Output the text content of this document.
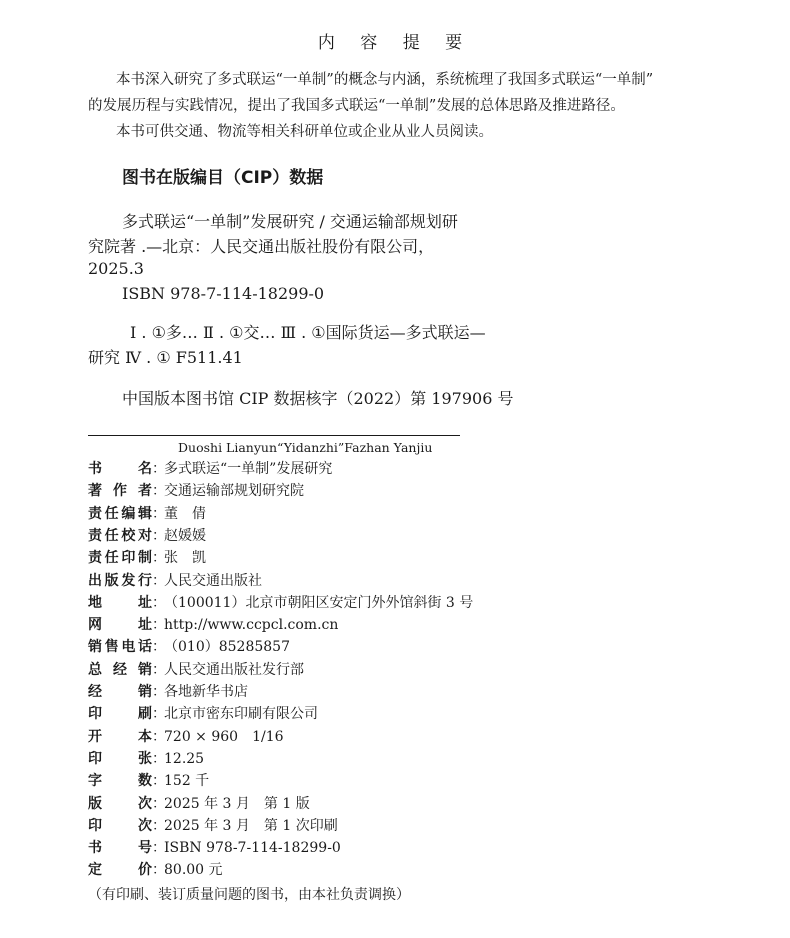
内 容 提 要
本书深入研究了多式联运“一单制”的概念与内涵，系统梳理了我国多式联运“一单制”
的发展历程与实践情况，提出了我国多式联运“一单制”发展的总体思路及推进路径。
本书可供交通、物流等相关科研单位或企业从业人员阅读。
图书在版编目（CIP）数据
多式联运“一单制”发展研究 / 交通运输部规划研
究院著 .—北京：人民交通出版社股份有限公司，
2025.3
ISBN 978-7-114-18299-0
Ⅰ . ①多… Ⅱ . ①交… Ⅲ . ①国际货运—多式联运—
研究 Ⅳ . ① F511.41
中国版本图书馆 CIP 数据核字（2022）第 197906 号
Duoshi Lianyun“Yidanzhi”Fazhan Yanjiu
书名：多式联运“一单制”发展研究
著作者：交通运输部规划研究院
责任编辑：董　倩
责任校对：赵媛媛
责任印制：张　凯
出版发行：人民交通出版社
地址：（100011）北京市朝阳区安定门外外馆斜街 3 号
网址：http://www.ccpcl.com.cn
销售电话：（010）85285857
总经销：人民交通出版社发行部
经销：各地新华书店
印刷：北京市密东印刷有限公司
开本：720 × 960　1/16
印张：12.25
字数：152 千
版次：2025 年 3 月　第 1 版
印次：2025 年 3 月　第 1 次印刷
书号：ISBN 978-7-114-18299-0
定价：80.00 元
（有印刷、装订质量问题的图书，由本社负责调换）
